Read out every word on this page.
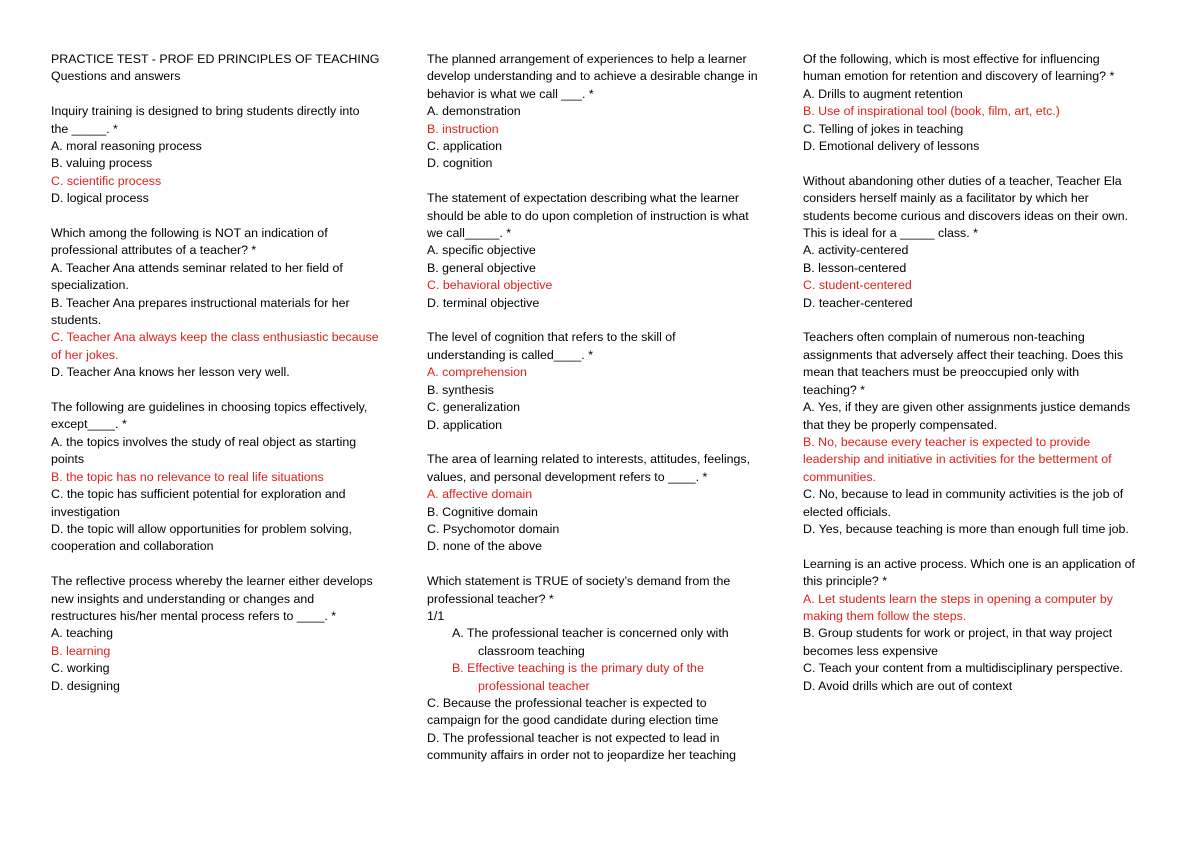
PRACTICE TEST - PROF ED PRINCIPLES OF TEACHING
Questions and answers
Inquiry training is designed to bring students directly into
the _____. *
A. moral reasoning process
B. valuing process
C. scientific process
D. logical process
Which among the following is NOT an indication of
professional attributes of a teacher? *
A. Teacher Ana attends seminar related to her field of
specialization.
B. Teacher Ana prepares instructional materials for her
students.
C. Teacher Ana always keep the class enthusiastic because
of her jokes.
D. Teacher Ana knows her lesson very well.
The following are guidelines in choosing topics effectively,
except____. *
A. the topics involves the study of real object as starting
points
B. the topic has no relevance to real life situations
C. the topic has sufficient potential for exploration and
investigation
D. the topic will allow opportunities for problem solving,
cooperation and collaboration
The reflective process whereby the learner either develops
new insights and understanding or changes and
restructures his/her mental process refers to ____. *
A. teaching
B. learning
C. working
D. designing
The planned arrangement of experiences to help a learner
develop understanding and to achieve a desirable change in
behavior is what we call ___. *
A. demonstration
B. instruction
C. application
D. cognition
The statement of expectation describing what the learner
should be able to do upon completion of instruction is what
we call_____. *
A. specific objective
B. general objective
C. behavioral objective
D. terminal objective
The level of cognition that refers to the skill of
understanding is called____. *
A. comprehension
B. synthesis
C. generalization
D. application
The area of learning related to interests, attitudes, feelings,
values, and personal development refers to ____. *
A. affective domain
B. Cognitive domain
C. Psychomotor domain
D. none of the above
Which statement is TRUE of society’s demand from the
professional teacher? *
1/1
A. The professional teacher is concerned only with
classroom teaching
B. Effective teaching is the primary duty of the
professional teacher
C. Because the professional teacher is expected to
campaign for the good candidate during election time
D. The professional teacher is not expected to lead in
community affairs in order not to jeopardize her teaching
Of the following, which is most effective for influencing
human emotion for retention and discovery of learning? *
A. Drills to augment retention
B. Use of inspirational tool (book, film, art, etc.)
C. Telling of jokes in teaching
D. Emotional delivery of lessons
Without abandoning other duties of a teacher, Teacher Ela
considers herself mainly as a facilitator by which her
students become curious and discovers ideas on their own.
This is ideal for a _____ class. *
A. activity-centered
B. lesson-centered
C. student-centered
D. teacher-centered
Teachers often complain of numerous non-teaching
assignments that adversely affect their teaching. Does this
mean that teachers must be preoccupied only with
teaching? *
A. Yes, if they are given other assignments justice demands
that they be properly compensated.
B. No, because every teacher is expected to provide
leadership and initiative in activities for the betterment of
communities.
C. No, because to lead in community activities is the job of
elected officials.
D. Yes, because teaching is more than enough full time job.
Learning is an active process. Which one is an application of
this principle? *
A. Let students learn the steps in opening a computer by
making them follow the steps.
B. Group students for work or project, in that way project
becomes less expensive
C. Teach your content from a multidisciplinary perspective.
D. Avoid drills which are out of context
